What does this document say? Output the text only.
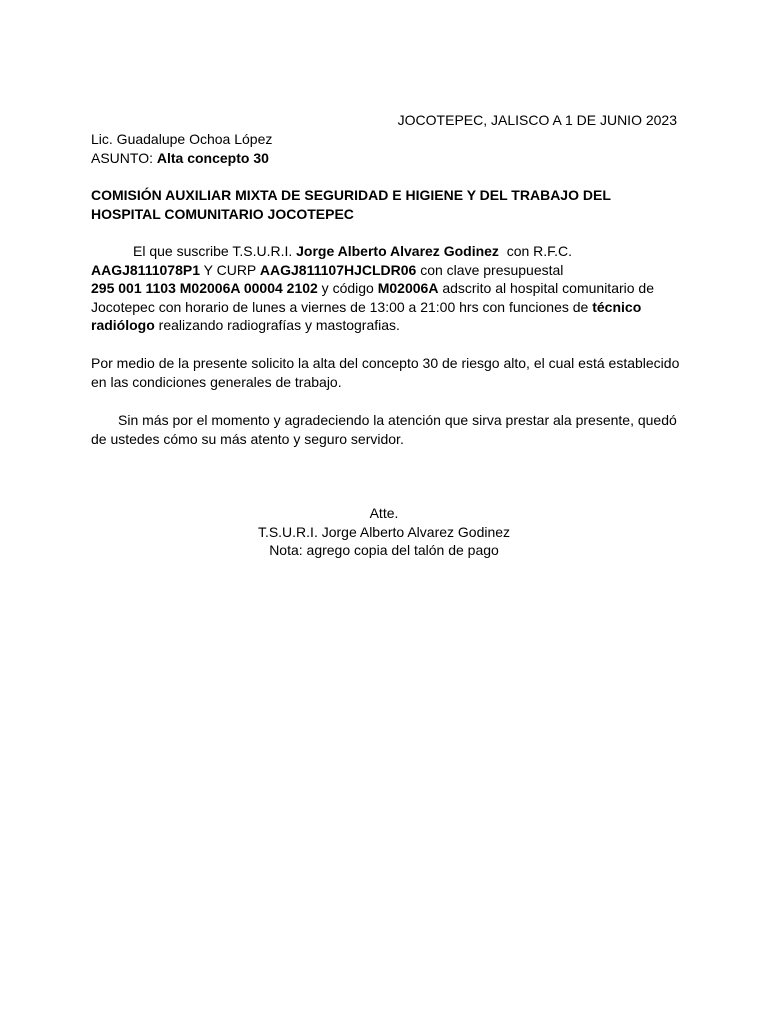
JOCOTEPEC, JALISCO A 1 DE JUNIO 2023
Lic. Guadalupe Ochoa López
ASUNTO: Alta concepto 30
COMISIÓN AUXILIAR MIXTA DE SEGURIDAD E HIGIENE Y DEL TRABAJO DEL
HOSPITAL COMUNITARIO JOCOTEPEC
El que suscribe T.S.U.R.I. Jorge Alberto Alvarez Godinez  con R.F.C.
AAGJ8111078P1 Y CURP AAGJ811107HJCLDR06 con clave presupuestal
295 001 1103 M02006A 00004 2102 y código M02006A adscrito al hospital comunitario de
Jocotepec con horario de lunes a viernes de 13:00 a 21:00 hrs con funciones de técnico
radiólogo realizando radiografías y mastografias.
Por medio de la presente solicito la alta del concepto 30 de riesgo alto, el cual está establecido
en las condiciones generales de trabajo.
Sin más por el momento y agradeciendo la atención que sirva prestar ala presente, quedó
de ustedes cómo su más atento y seguro servidor.
Atte.
T.S.U.R.I. Jorge Alberto Alvarez Godinez
Nota: agrego copia del talón de pago
